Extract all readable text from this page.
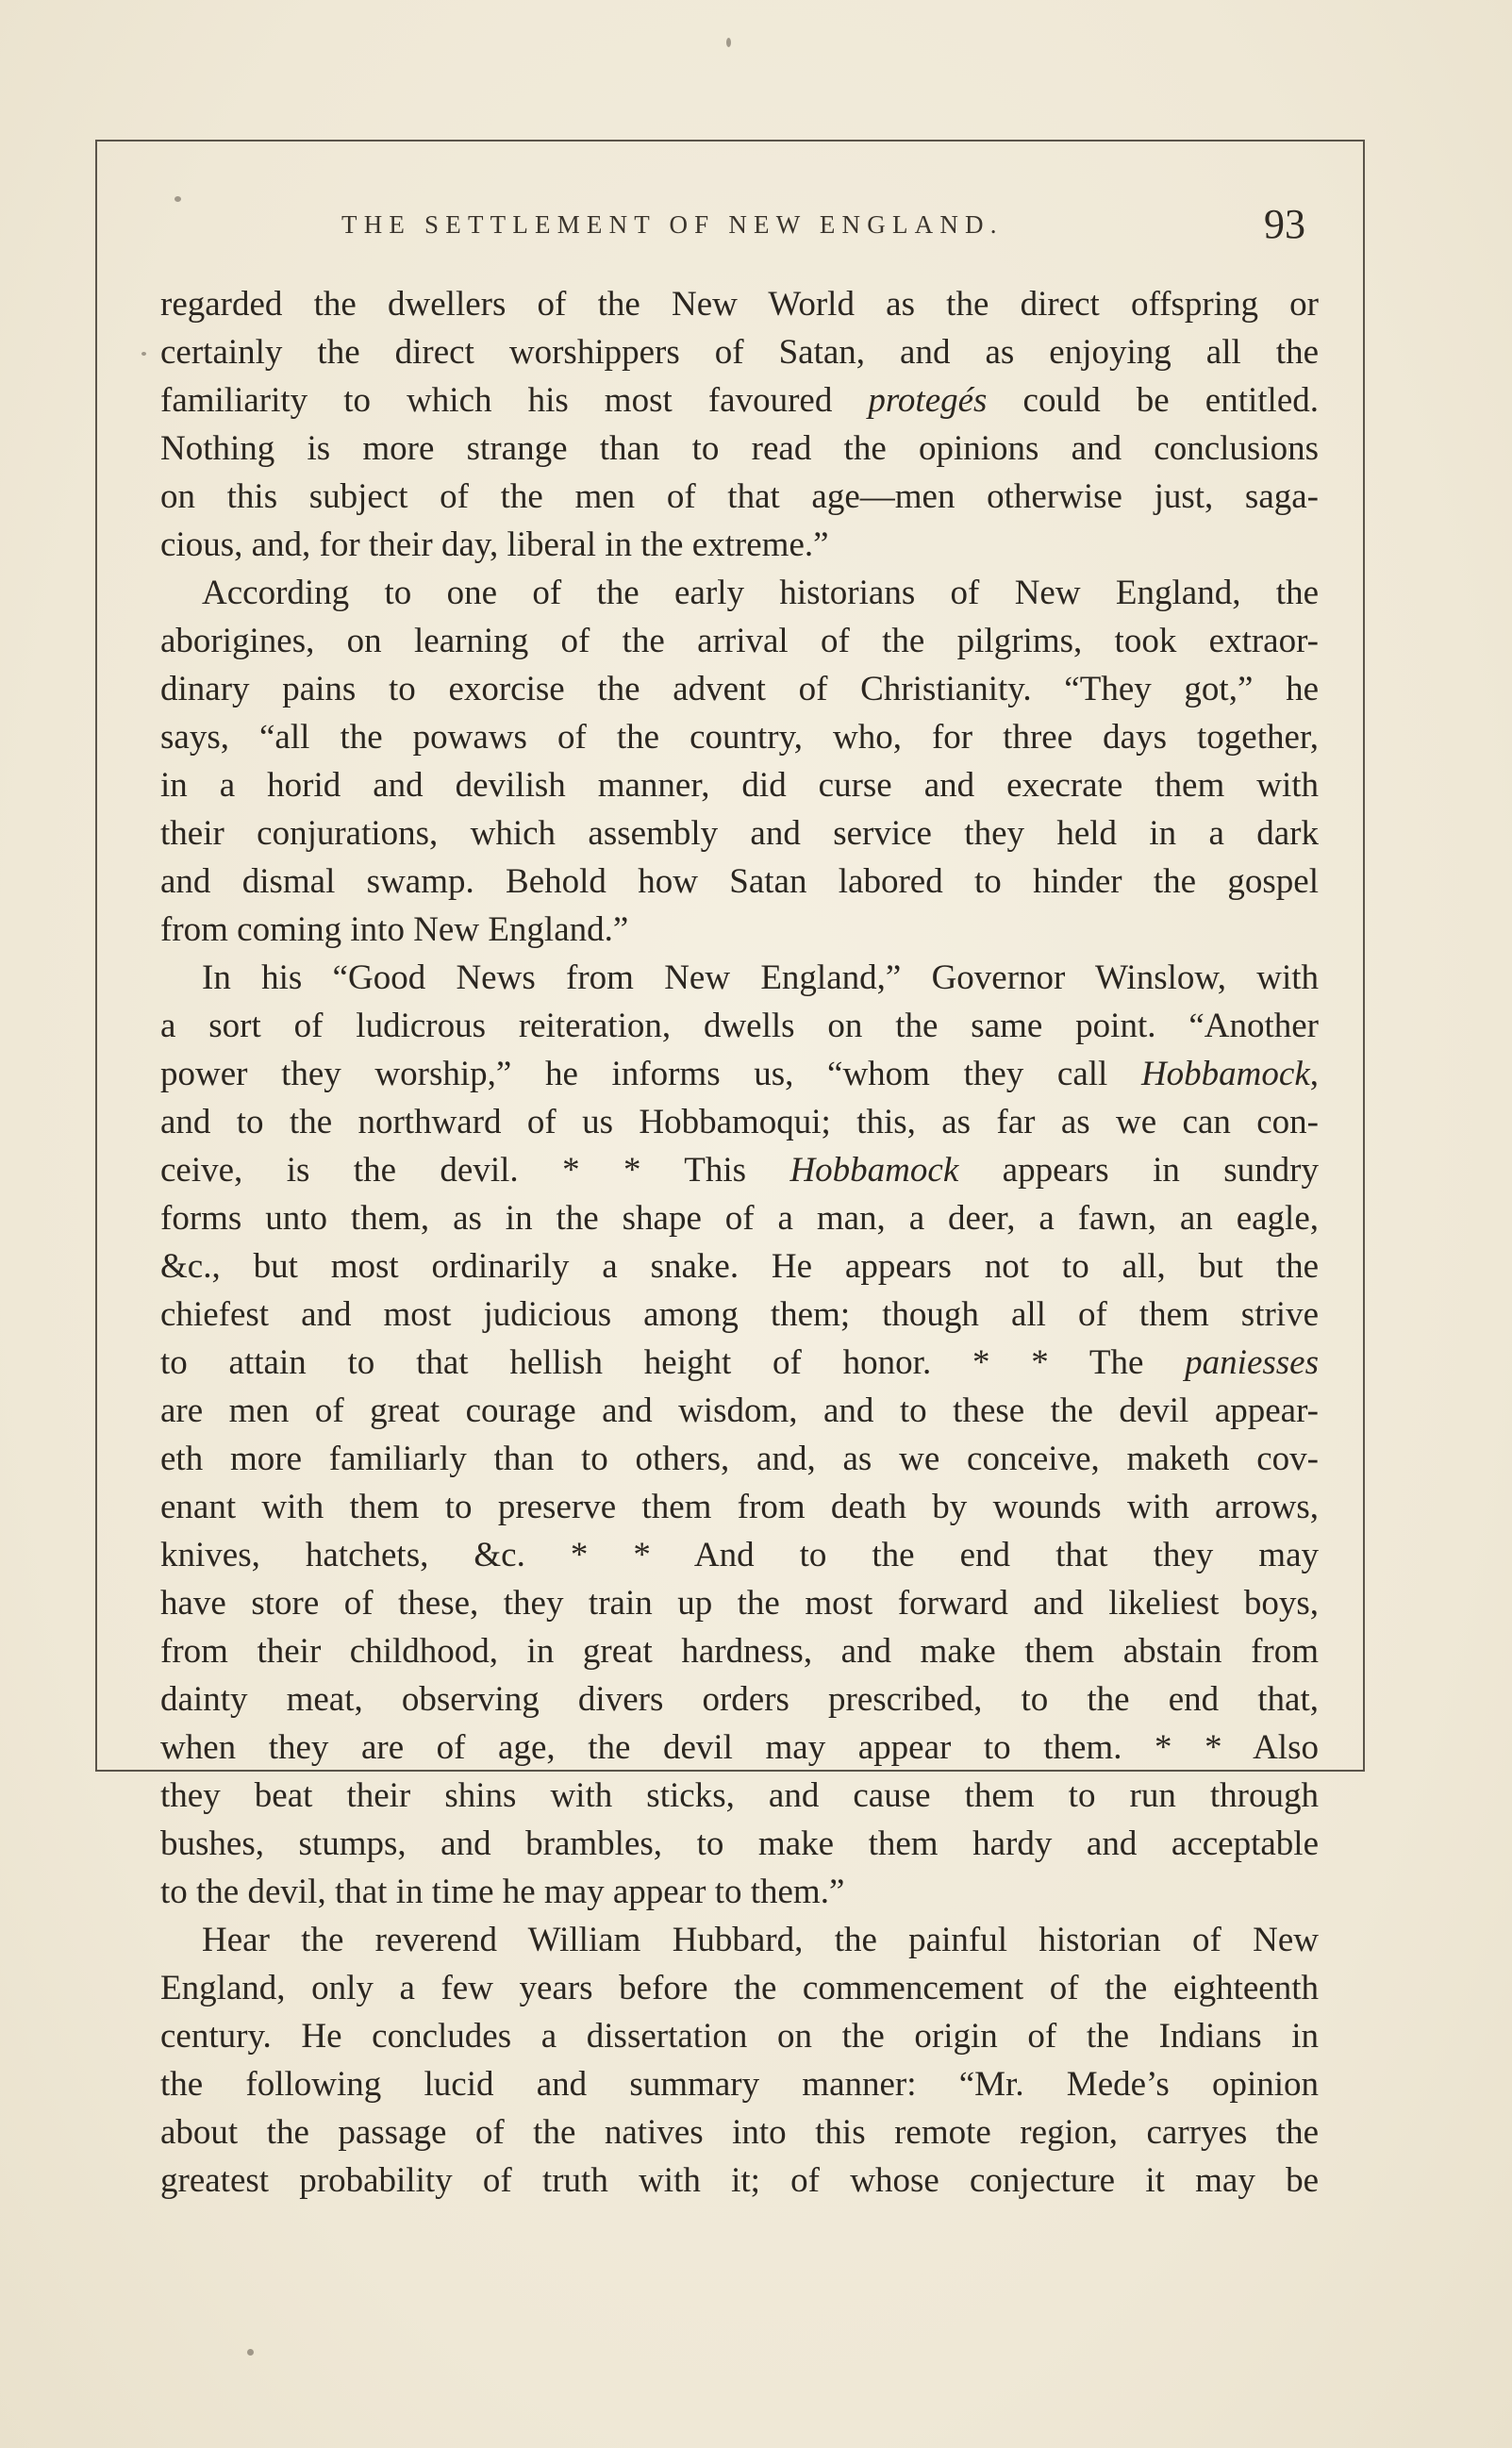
THE SETTLEMENT OF NEW ENGLAND.	93
regarded the dwellers of the New World as the direct offspring or
certainly the direct worshippers of Satan, and as enjoying all the
familiarity to which his most favoured protegés could be entitled.
Nothing is more strange than to read the opinions and conclusions
on this subject of the men of that age—men otherwise just, saga-
cious, and, for their day, liberal in the extreme.”
According to one of the early historians of New England, the
aborigines, on learning of the arrival of the pilgrims, took extraor-
dinary pains to exorcise the advent of Christianity. “They got,” he
says, “all the powaws of the country, who, for three days together,
in a horid and devilish manner, did curse and execrate them with
their conjurations, which assembly and service they held in a dark
and dismal swamp. Behold how Satan labored to hinder the gospel
from coming into New England.”
In his “Good News from New England,” Governor Winslow, with
a sort of ludicrous reiteration, dwells on the same point. “Another
power they worship,” he informs us, “whom they call Hobbamock,
and to the northward of us Hobbamoqui; this, as far as we can con-
ceive, is the devil. * * This Hobbamock appears in sundry
forms unto them, as in the shape of a man, a deer, a fawn, an eagle,
&c., but most ordinarily a snake. He appears not to all, but the
chiefest and most judicious among them; though all of them strive
to attain to that hellish height of honor. * * The paniesses
are men of great courage and wisdom, and to these the devil appear-
eth more familiarly than to others, and, as we conceive, maketh cov-
enant with them to preserve them from death by wounds with arrows,
knives, hatchets, &c. * * And to the end that they may
have store of these, they train up the most forward and likeliest boys,
from their childhood, in great hardness, and make them abstain from
dainty meat, observing divers orders prescribed, to the end that,
when they are of age, the devil may appear to them. * * Also
they beat their shins with sticks, and cause them to run through
bushes, stumps, and brambles, to make them hardy and acceptable
to the devil, that in time he may appear to them.”
Hear the reverend William Hubbard, the painful historian of New
England, only a few years before the commencement of the eighteenth
century. He concludes a dissertation on the origin of the Indians in
the following lucid and summary manner: “Mr. Mede’s opinion
about the passage of the natives into this remote region, carryes the
greatest probability of truth with it; of whose conjecture it may be
